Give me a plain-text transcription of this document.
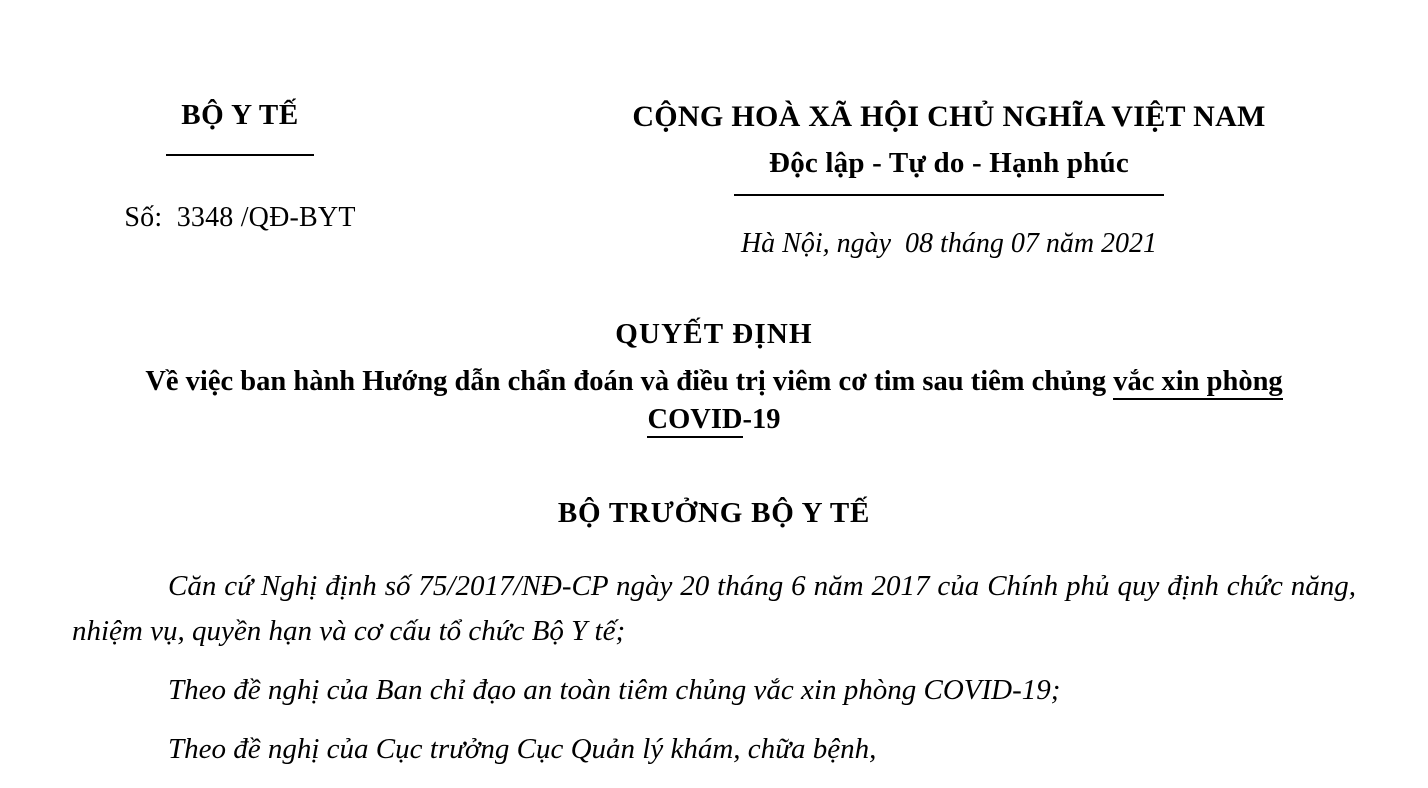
BỘ Y TẾ
Số:  3348 /QĐ-BYT
CỘNG HOÀ XÃ HỘI CHỦ NGHĨA VIỆT NAM
Độc lập - Tự do - Hạnh phúc
Hà Nội, ngày  08 tháng 07 năm 2021
QUYẾT ĐỊNH
Về việc ban hành Hướng dẫn chẩn đoán và điều trị viêm cơ tim sau tiêm chủng vắc xin phòng COVID-19
BỘ TRƯỞNG BỘ Y TẾ

Căn cứ Nghị định số 75/2017/NĐ-CP ngày 20 tháng 6 năm 2017 của Chính phủ quy định chức năng, nhiệm vụ, quyền hạn và cơ cấu tổ chức Bộ Y tế;

Theo đề nghị của Ban chỉ đạo an toàn tiêm chủng vắc xin phòng COVID-19;

Theo đề nghị của Cục trưởng Cục Quản lý khám, chữa bệnh,
